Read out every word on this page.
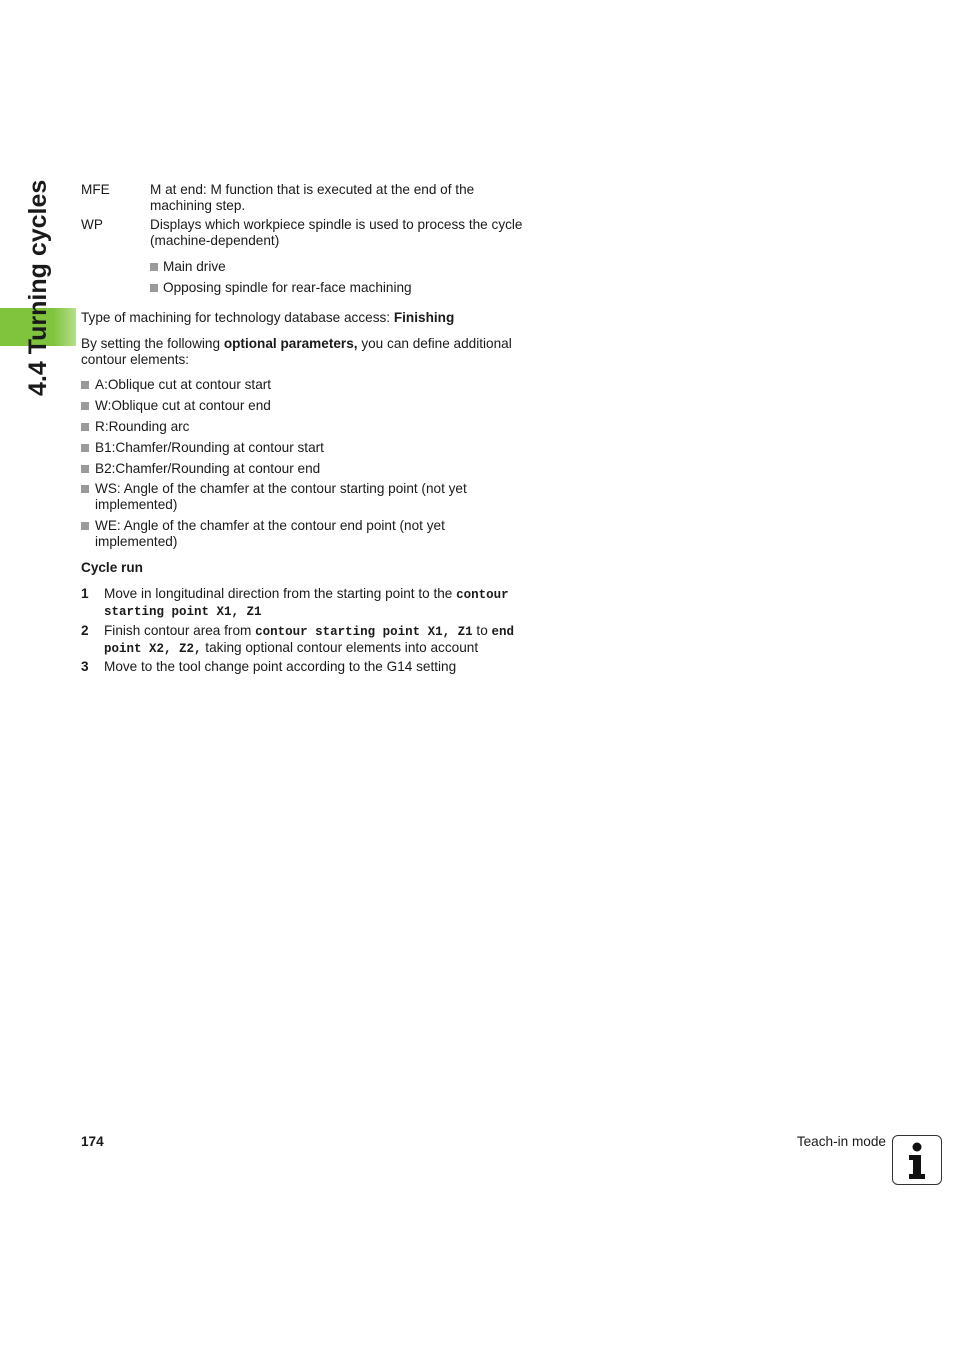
4.4 Turning cycles MFE	M at end: M function that is executed at the end of the machining step.
WP	Displays which workpiece spindle is used to process the cycle (machine-dependent)
Main drive
Opposing spindle for rear-face machining
Type of machining for technology database access: Finishing
By setting the following optional parameters, you can define additional contour elements:
A:Oblique cut at contour start
W:Oblique cut at contour end
R:Rounding arc
B1:Chamfer/Rounding at contour start
B2:Chamfer/Rounding at contour end
WS: Angle of the chamfer at the contour starting point (not yet implemented)
WE: Angle of the chamfer at the contour end point (not yet implemented)
Cycle run
1	Move in longitudinal direction from the starting point to the contour starting point X1, Z1
2	Finish contour area from contour starting point X1, Z1 to end point X2, Z2, taking optional contour elements into account
3	Move to the tool change point according to the G14 setting
174	Teach-in mode
